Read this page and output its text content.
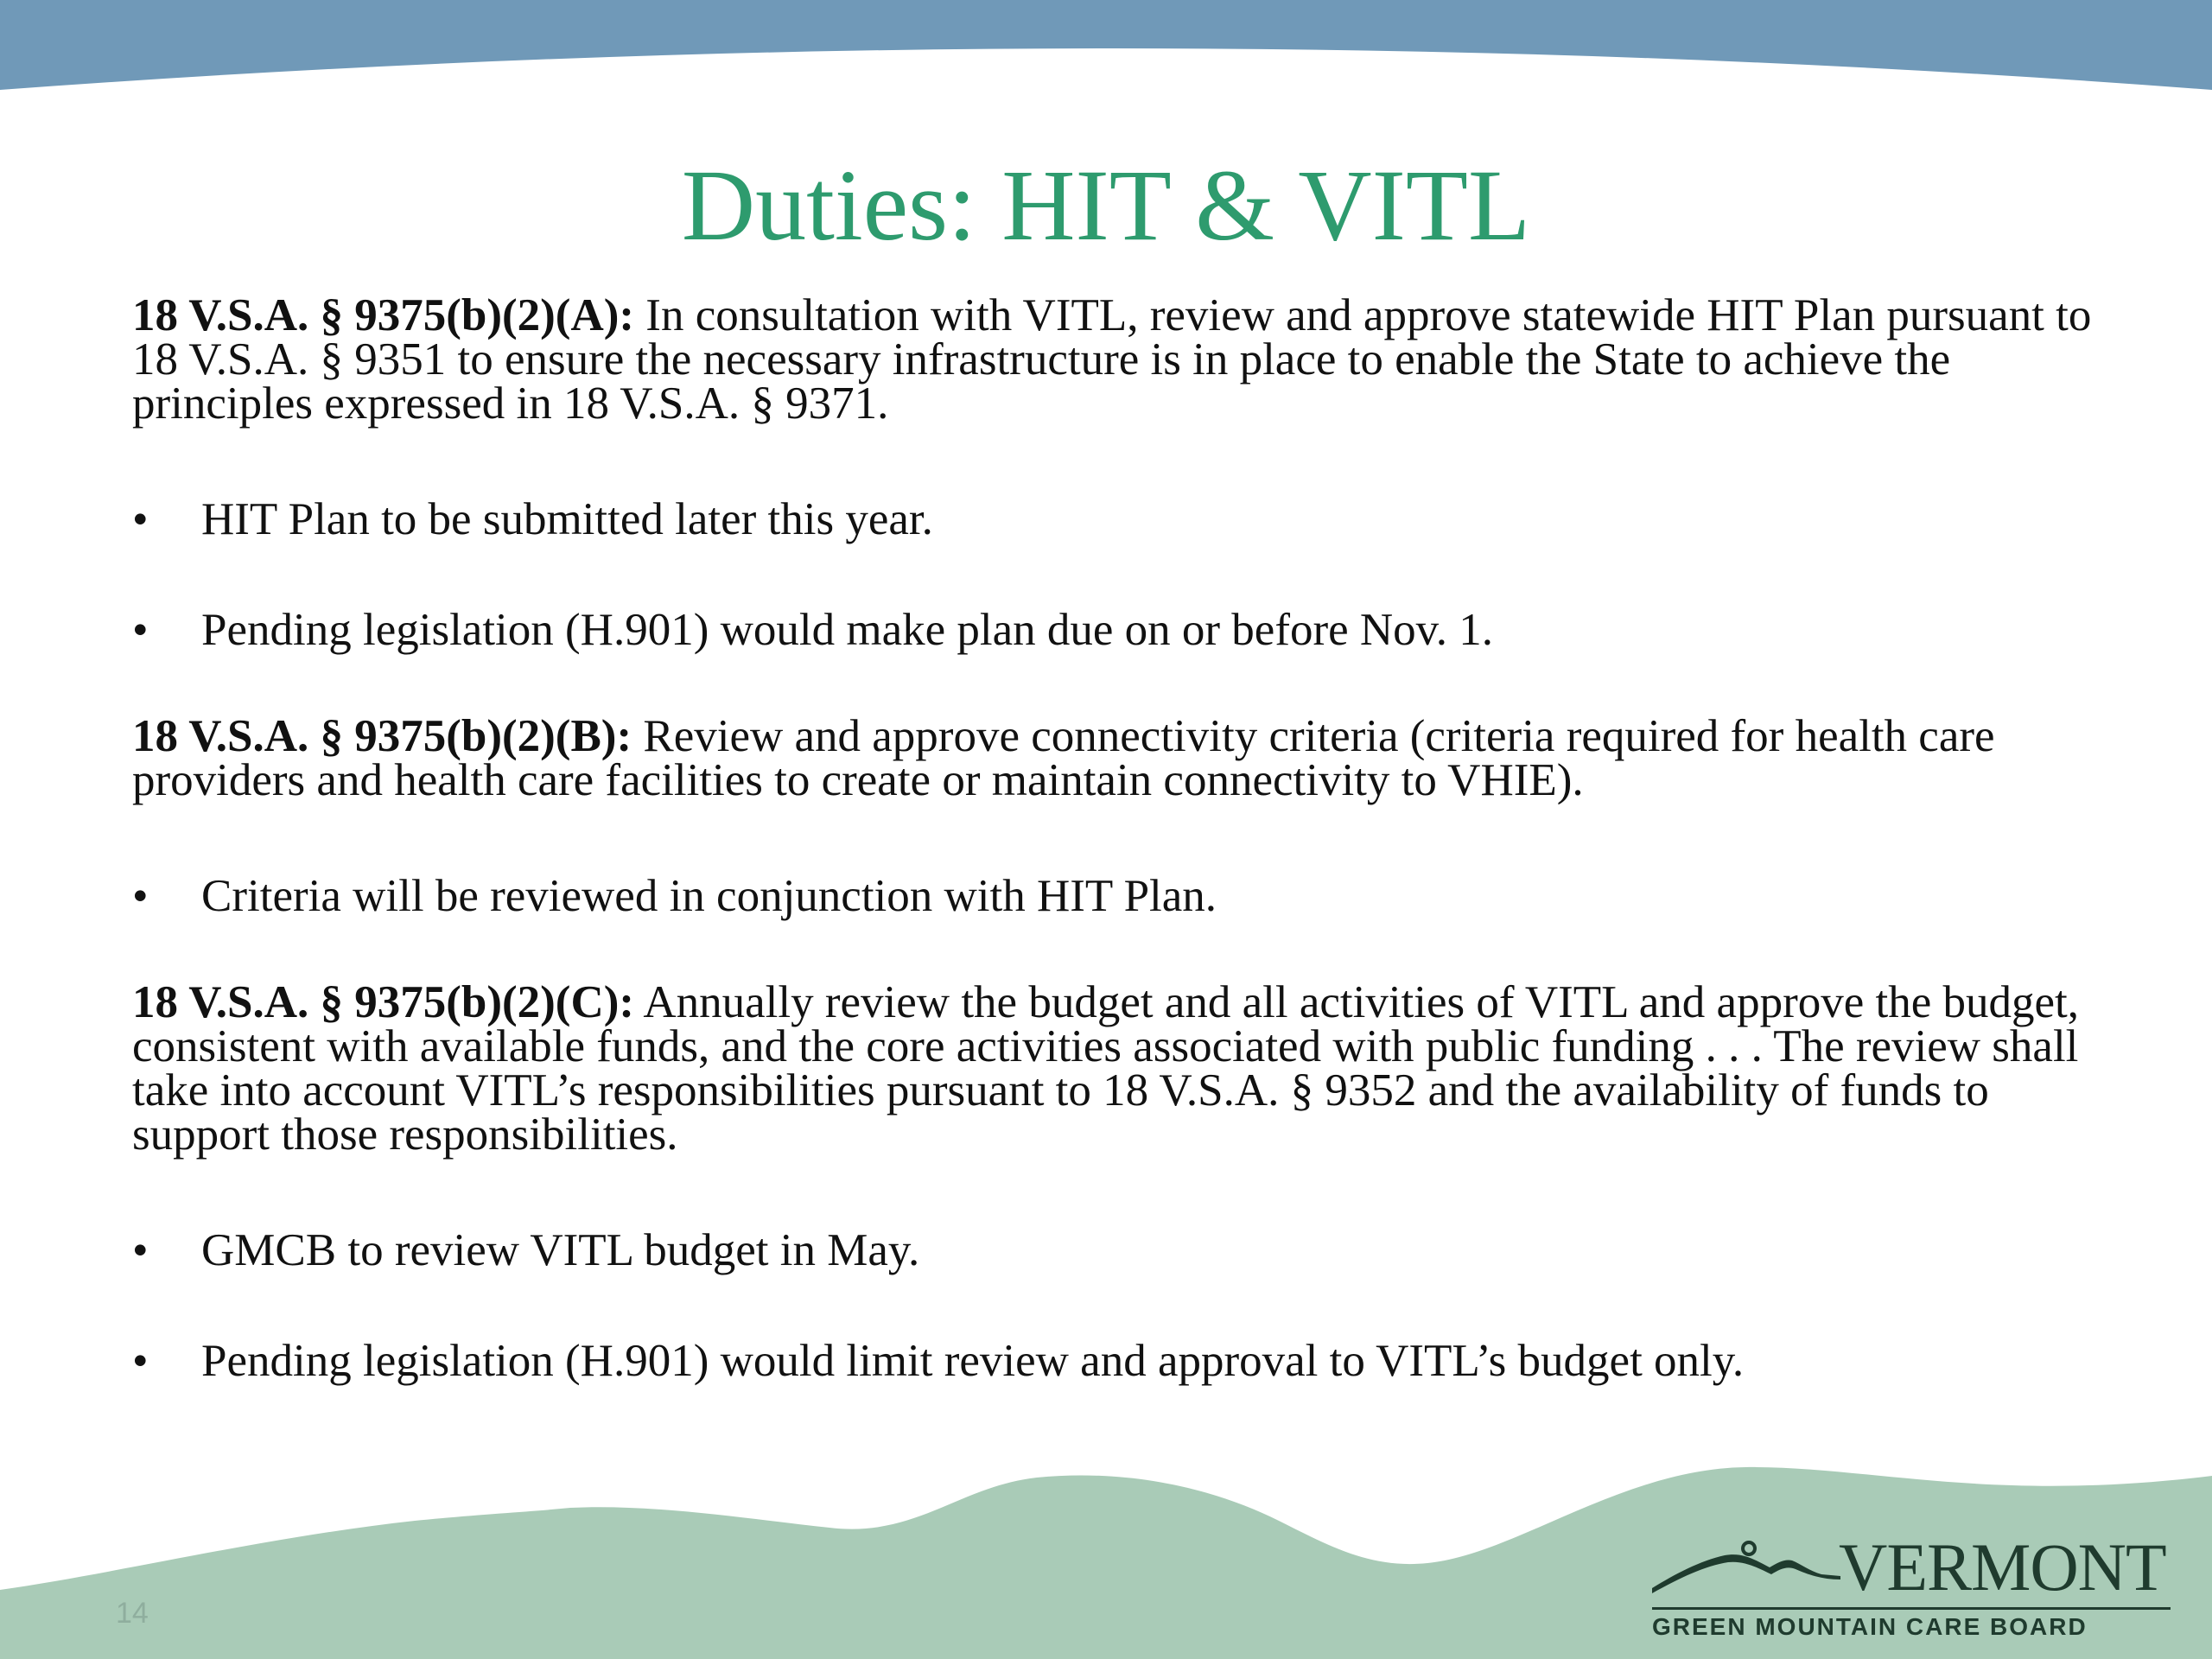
Duties: HIT & VITL

18 V.S.A. § 9375(b)(2)(A): In consultation with VITL, review and approve statewide HIT Plan pursuant to 18 V.S.A. § 9351 to ensure the necessary infrastructure is in place to enable the State to achieve the principles expressed in 18 V.S.A. § 9371.

• HIT Plan to be submitted later this year.
• Pending legislation (H.901) would make plan due on or before Nov. 1.

18 V.S.A. § 9375(b)(2)(B): Review and approve connectivity criteria (criteria required for health care providers and health care facilities to create or maintain connectivity to VHIE).

• Criteria will be reviewed in conjunction with HIT Plan.

18 V.S.A. § 9375(b)(2)(C): Annually review the budget and all activities of VITL and approve the budget, consistent with available funds, and the core activities associated with public funding . . . The review shall take into account VITL’s responsibilities pursuant to 18 V.S.A. § 9352 and the availability of funds to support those responsibilities.

• GMCB to review VITL budget in May.
• Pending legislation (H.901) would limit review and approval to VITL’s budget only.
14
VERMONT
GREEN MOUNTAIN CARE BOARD
